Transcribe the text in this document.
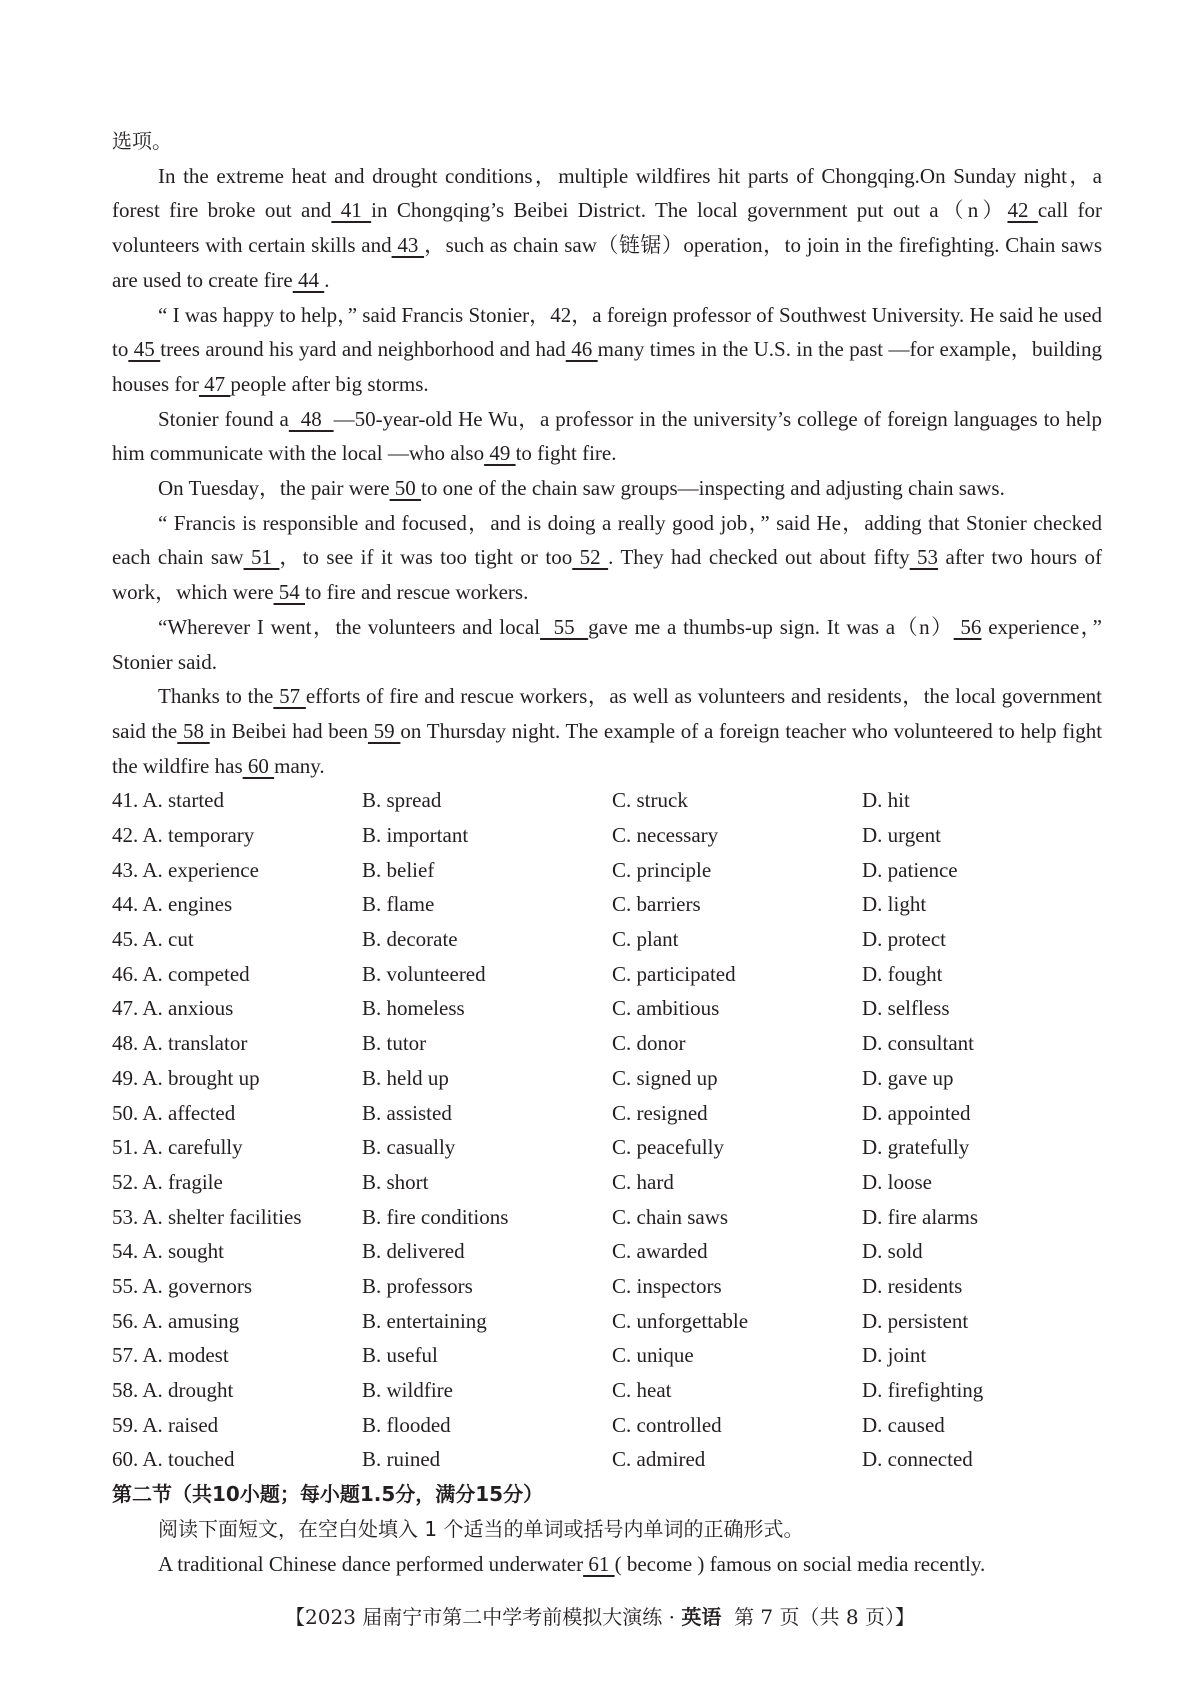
选项。

In the extreme heat and drought conditions，multiple wildfires hit parts of Chongqing.On Sunday night，a forest fire broke out and 41 in Chongqing’s Beibei District. The local government put out a（n）42 call for volunteers with certain skills and 43 ，such as chain saw（链锯）operation，to join in the firefighting. Chain saws are used to create fire 44 .

“ I was happy to help，” said Francis Stonier，42，a foreign professor of Southwest University. He said he used to 45 trees around his yard and neighborhood and had 46 many times in the U.S. in the past —for example，building houses for 47 people after big storms.

Stonier found a  48  —50-year-old He Wu，a professor in the university’s college of foreign languages to help him communicate with the local —who also 49 to fight fire.

On Tuesday，the pair were 50 to one of the chain saw groups—inspecting and adjusting chain saws.

“ Francis is responsible and focused，and is doing a really good job，” said He，adding that Stonier checked each chain saw 51 ，to see if it was too tight or too 52 . They had checked out about fifty 53 after two hours of work，which were 54 to fire and rescue workers.

“Wherever I went，the volunteers and local  55  gave me a thumbs-up sign. It was a（n） 56 experience，” Stonier said.

Thanks to the 57 efforts of fire and rescue workers，as well as volunteers and residents，the local government said the 58 in Beibei had been 59 on Thursday night. The example of a foreign teacher who volunteered to help fight the wildfire has 60 many.

41. A. started	B. spread	C. struck	D. hit
42. A. temporary	B. important	C. necessary	D. urgent
43. A. experience	B. belief	C. principle	D. patience
44. A. engines	B. flame	C. barriers	D. light
45. A. cut	B. decorate	C. plant	D. protect
46. A. competed	B. volunteered	C. participated	D. fought
47. A. anxious	B. homeless	C. ambitious	D. selfless
48. A. translator	B. tutor	C. donor	D. consultant
49. A. brought up	B. held up	C. signed up	D. gave up
50. A. affected	B. assisted	C. resigned	D. appointed
51. A. carefully	B. casually	C. peacefully	D. gratefully
52. A. fragile	B. short	C. hard	D. loose
53. A. shelter facilities	B. fire conditions	C. chain saws	D. fire alarms
54. A. sought	B. delivered	C. awarded	D. sold
55. A. governors	B. professors	C. inspectors	D. residents
56. A. amusing	B. entertaining	C. unforgettable	D. persistent
57. A. modest	B. useful	C. unique	D. joint
58. A. drought	B. wildfire	C. heat	D. firefighting
59. A. raised	B. flooded	C. controlled	D. caused
60. A. touched	B. ruined	C. admired	D. connected

第二节（共10小题；每小题1.5分，满分15分）

阅读下面短文，在空白处填入 1 个适当的单词或括号内单词的正确形式。

A traditional Chinese dance performed underwater 61 ( become ) famous on social media recently.

【2023 届南宁市第二中学考前模拟大演练 · 英语 第 7 页（共 8 页）】
